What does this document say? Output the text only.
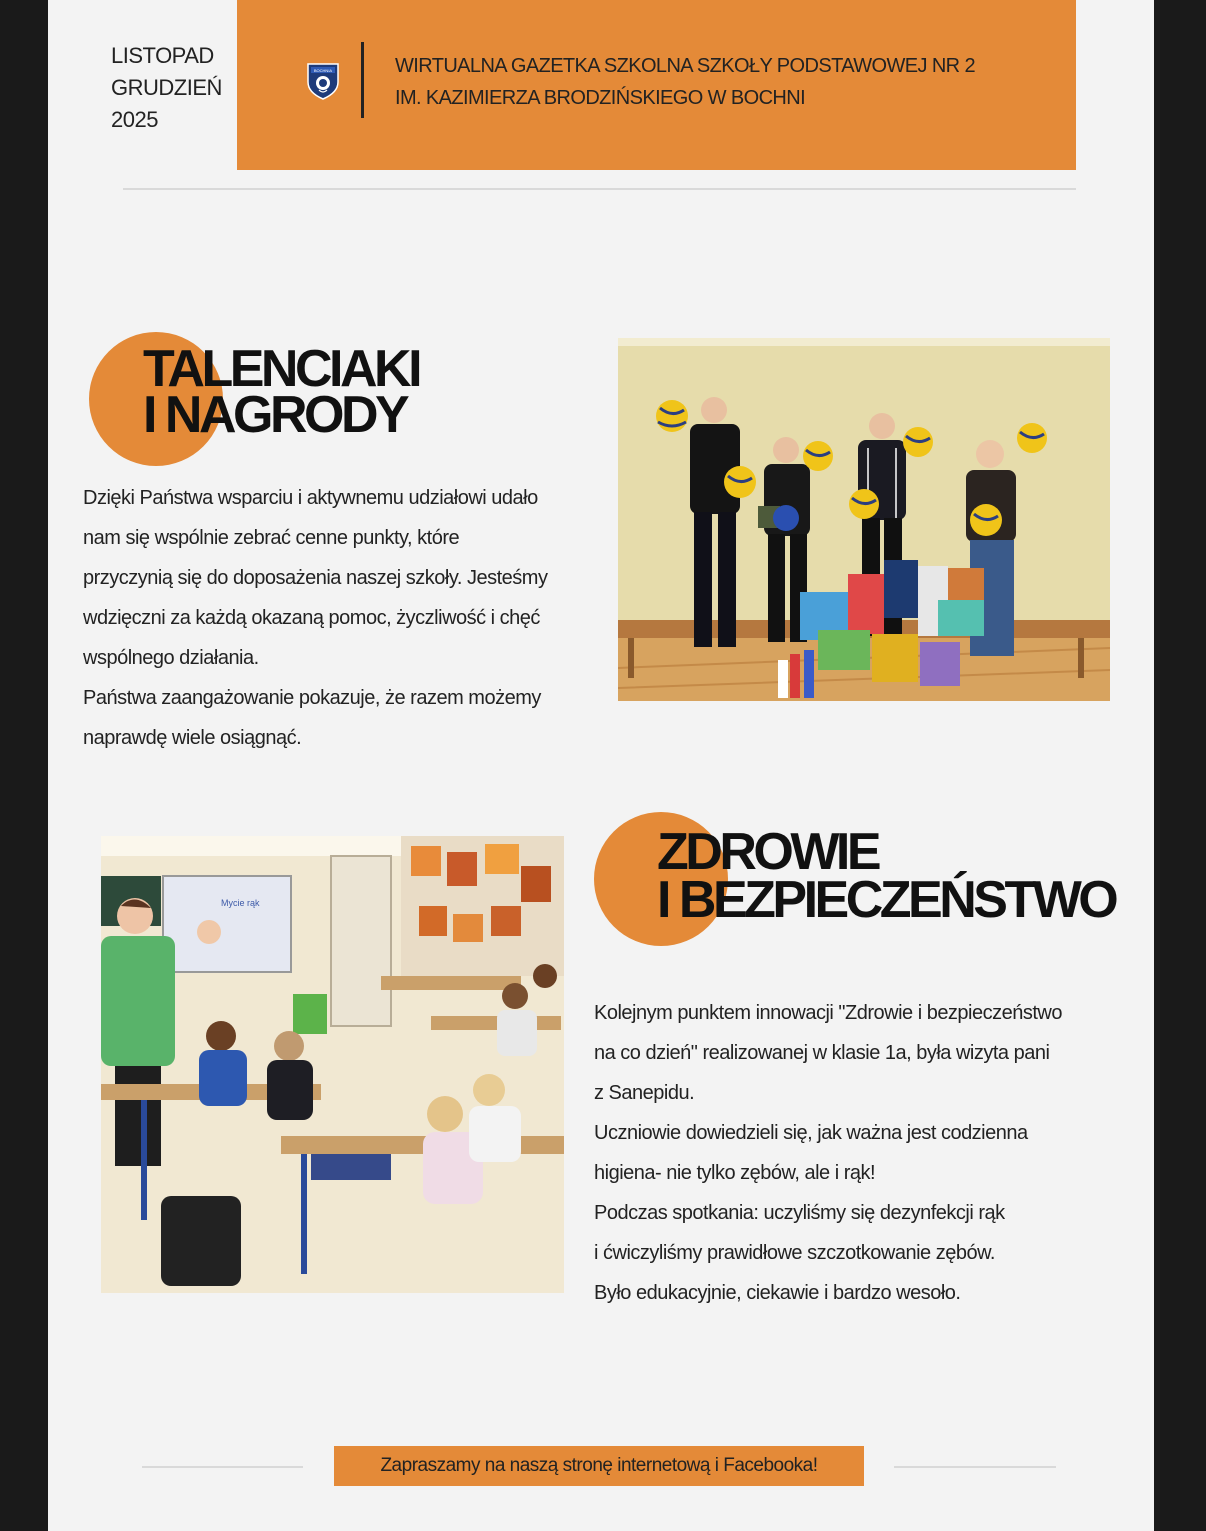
LISTOPAD
GRUDZIEŃ
2025
BOCHNIA	WIRTUALNA GAZETKA SZKOLNA SZKOŁY PODSTAWOWEJ NR 2
IM. KAZIMIERZA BRODZIŃSKIEGO W BOCHNI
TALENCIAKI
I NAGRODY
Dzięki Państwa wsparciu i aktywnemu udziałowi udało
nam się wspólnie zebrać cenne punkty, które
przyczynią się do doposażenia naszej szkoły. Jesteśmy
wdzięczni za każdą okazaną pomoc, życzliwość i chęć
wspólnego działania.
Państwa zaangażowanie pokazuje, że razem możemy
naprawdę wiele osiągnąć.
Mycie rąk
ZDROWIE
I BEZPIECZEŃSTWO
Kolejnym punktem innowacji "Zdrowie i bezpieczeństwo
na co dzień" realizowanej w klasie 1a, była wizyta pani
z Sanepidu.
Uczniowie dowiedzieli się, jak ważna jest codzienna
higiena- nie tylko zębów, ale i rąk!
Podczas spotkania: uczyliśmy się dezynfekcji rąk
i ćwiczyliśmy prawidłowe szczotkowanie zębów.
Było edukacyjnie, ciekawie i bardzo wesoło.
Zapraszamy na naszą stronę internetową i Facebooka!
